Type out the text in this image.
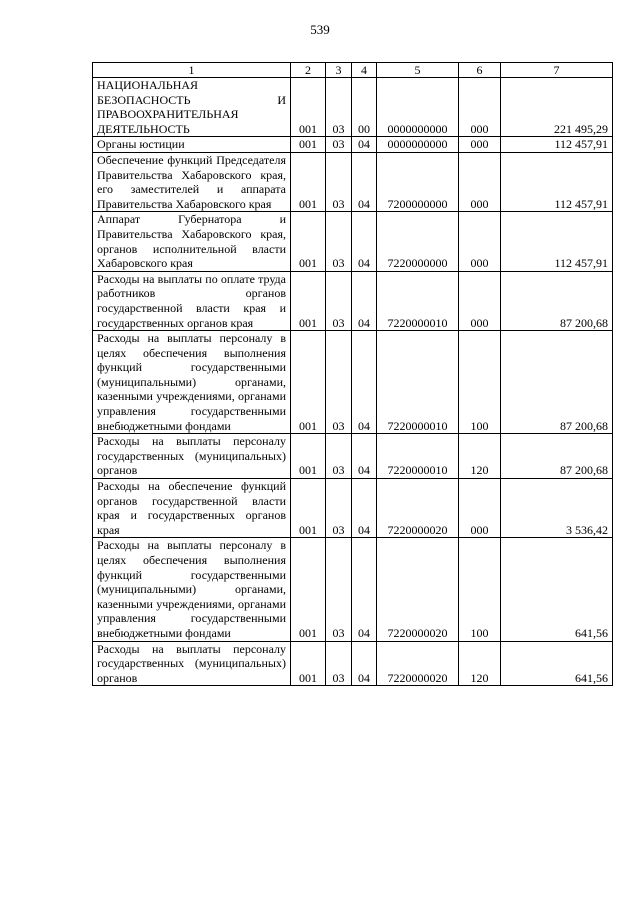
539
1	2	3	4	5	6	7
НАЦИОНАЛЬНАЯ БЕЗОПАСНОСТЬ И ПРАВООХРАНИТЕЛЬНАЯ ДЕЯТЕЛЬНОСТЬ	001	03	00	0000000000	000	221 495,29
Органы юстиции	001	03	04	0000000000	000	112 457,91
Обеспечение функций Председателя Правительства Хабаровского края, его заместителей и аппарата Правительства Хабаровского края	001	03	04	7200000000	000	112 457,91
Аппарат Губернатора и Правительства Хабаровского края, органов исполнительной власти Хабаровского края	001	03	04	7220000000	000	112 457,91
Расходы на выплаты по оплате труда работников органов государственной власти края и государственных органов края	001	03	04	7220000010	000	87 200,68
Расходы на выплаты персоналу в целях обеспечения выполнения функций государственными (муниципальными) органами, казенными учреждениями, органами управления государственными внебюджетными фондами	001	03	04	7220000010	100	87 200,68
Расходы на выплаты персоналу государственных (муниципальных) органов	001	03	04	7220000010	120	87 200,68
Расходы на обеспечение функций органов государственной власти края и государственных органов края	001	03	04	7220000020	000	3 536,42
Расходы на выплаты персоналу в целях обеспечения выполнения функций государственными (муниципальными) органами, казенными учреждениями, органами управления государственными внебюджетными фондами	001	03	04	7220000020	100	641,56
Расходы на выплаты персоналу государственных (муниципальных) органов	001	03	04	7220000020	120	641,56
